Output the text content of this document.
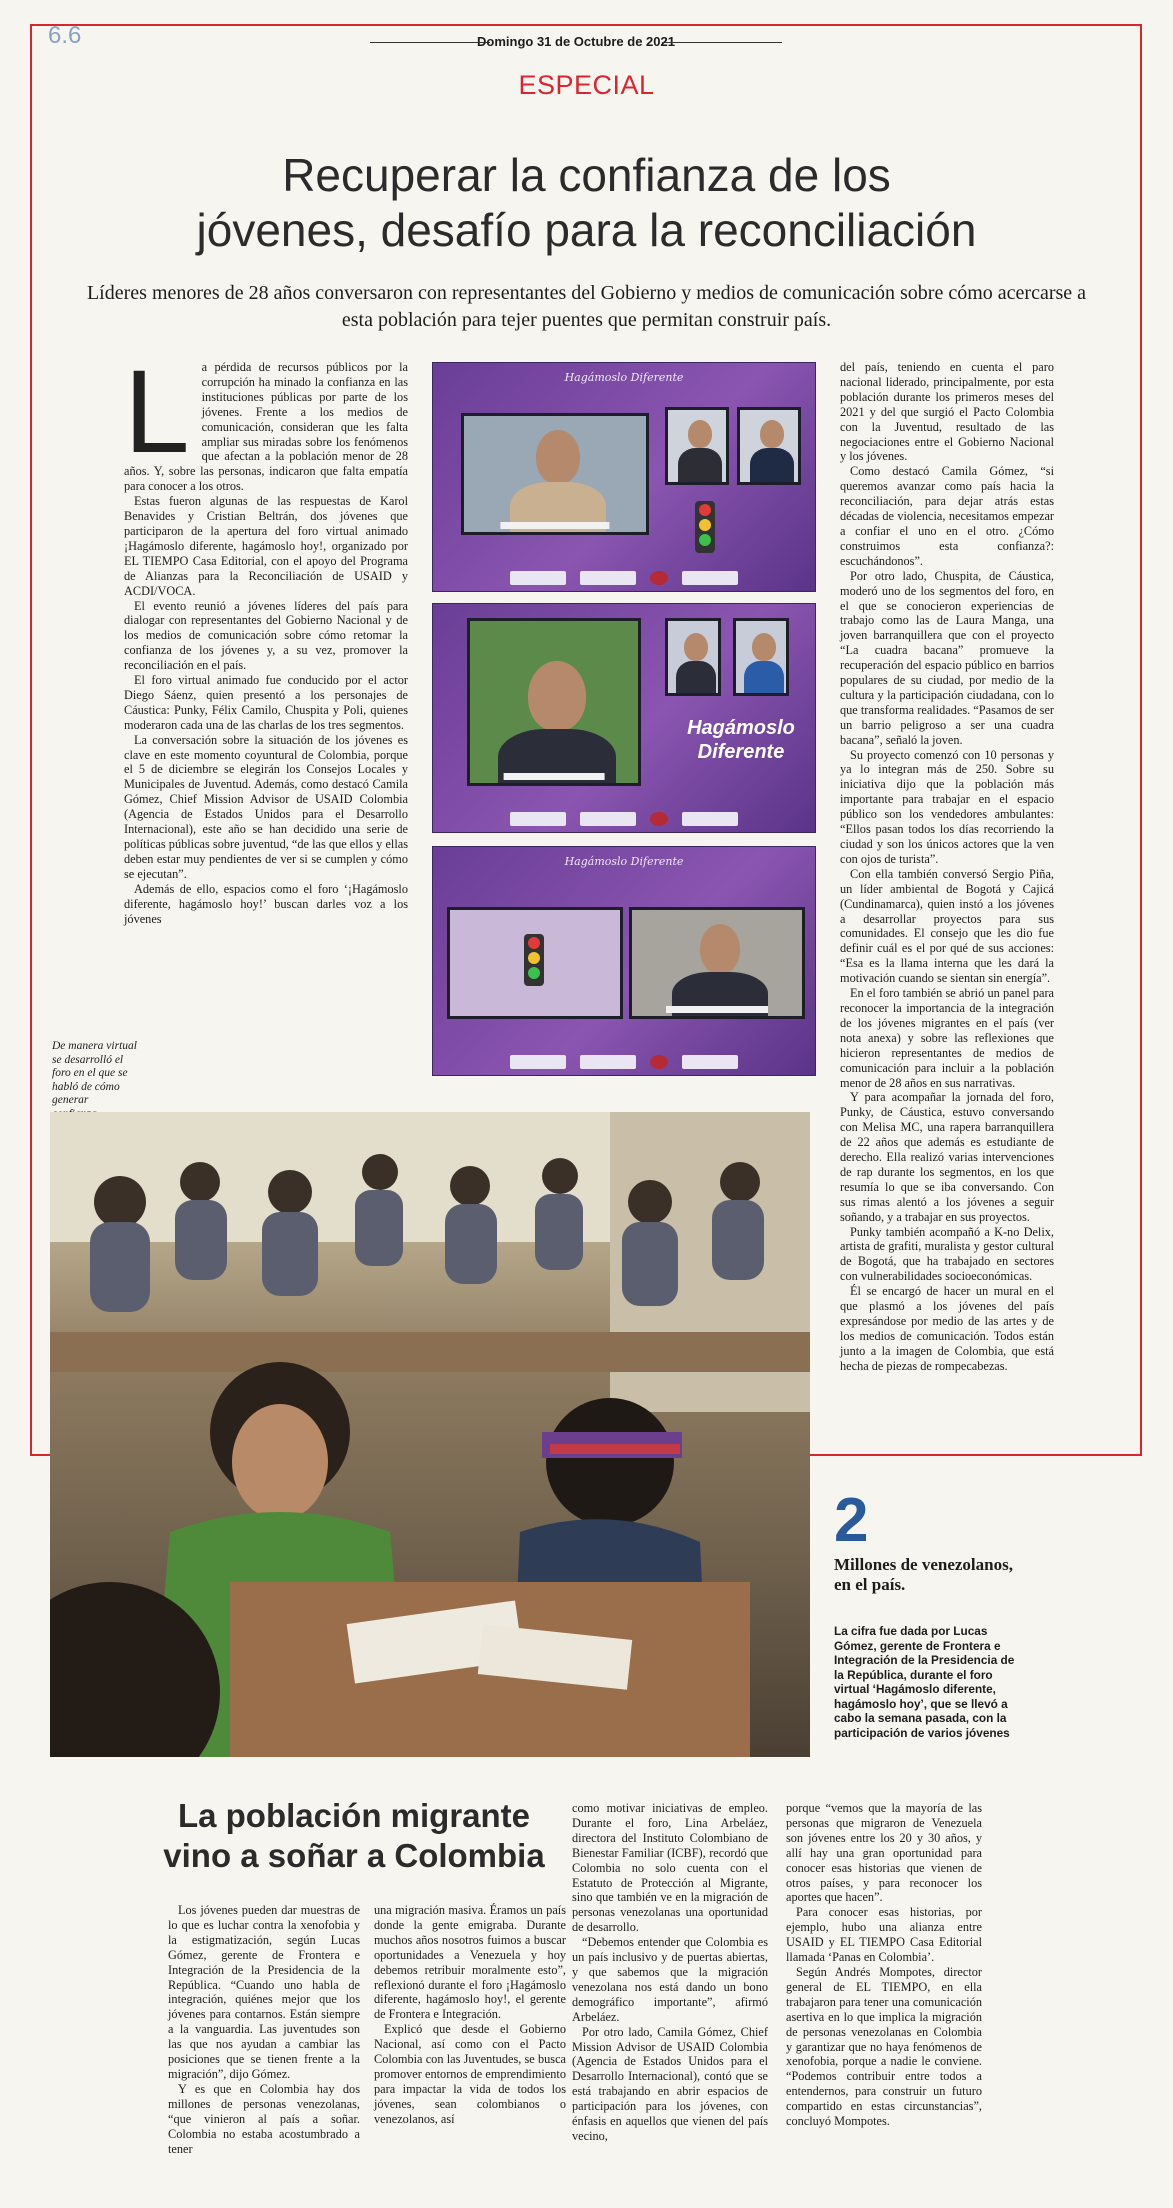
6.6	Domingo 31 de Octubre de 2021
ESPECIAL
Recuperar la confianza de los
jóvenes, desafío para la reconciliación

Líderes menores de 28 años conversaron con representantes del Gobierno y medios de comunicación sobre cómo acercarse a esta población para tejer puentes que permitan construir país.

L a pérdida de recursos públicos por la corrupción ha minado la confianza en las instituciones públicas por parte de los jóvenes. Frente a los medios de comunicación, consideran que les falta ampliar sus miradas sobre los fenómenos que afectan a la población menor de 28 años. Y, sobre las personas, indicaron que falta empatía para conocer a los otros.

Estas fueron algunas de las respuestas de Karol Benavides y Cristian Beltrán, dos jóvenes que participaron de la apertura del foro virtual animado ¡Hagámoslo diferente, hagámoslo hoy!, organizado por EL TIEMPO Casa Editorial, con el apoyo del Programa de Alianzas para la Reconciliación de USAID y ACDI/VOCA.

El evento reunió a jóvenes líderes del país para dialogar con representantes del Gobierno Nacional y de los medios de comunicación sobre cómo retomar la confianza de los jóvenes y, a su vez, promover la reconciliación en el país.

El foro virtual animado fue conducido por el actor Diego Sáenz, quien presentó a los personajes de Cáustica: Punky, Félix Camilo, Chuspita y Poli, quienes moderaron cada una de las charlas de los tres segmentos.

La conversación sobre la situación de los jóvenes es clave en este momento coyuntural de Colombia, porque el 5 de diciembre se elegirán los Consejos Locales y Municipales de Juventud. Además, como destacó Camila Gómez, Chief Mission Advisor de USAID Colombia (Agencia de Estados Unidos para el Desarrollo Internacional), este año se han decidido una serie de políticas públicas sobre juventud, “de las que ellos y ellas deben estar muy pendientes de ver si se cumplen y cómo se ejecutan”.

Además de ello, espacios como el foro ‘¡Hagámoslo diferente, hagámoslo hoy!’ buscan darles voz a los jóvenes

De manera virtual se desarrolló el foro en el que se habló de cómo generar
Hagámoslo Diferente
Hagámoslo Diferente
Hagámoslo Diferente

del país, teniendo en cuenta el paro nacional liderado, principalmente, por esta población durante los primeros meses del 2021 y del que surgió el Pacto Colombia con la Juventud, resultado de las negociaciones entre el Gobierno Nacional y los jóvenes.

Como destacó Camila Gómez, “si queremos avanzar como país hacia la reconciliación, para dejar atrás estas décadas de violencia, necesitamos empezar a confiar el uno en el otro. ¿Cómo construimos esta confianza?: escuchándonos”.

Por otro lado, Chuspita, de Cáustica, moderó uno de los segmentos del foro, en el que se conocieron experiencias de trabajo como las de Laura Manga, una joven barranquillera que con el proyecto “La cuadra bacana” promueve la recuperación del espacio público en barrios populares de su ciudad, por medio de la cultura y la participación ciudadana, con lo que transforma realidades. “Pasamos de ser un barrio peligroso a ser una cuadra bacana”, señaló la joven.

Su proyecto comenzó con 10 personas y ya lo integran más de 250. Sobre su iniciativa dijo que la población más importante para trabajar en el espacio público son los vendedores ambulantes: “Ellos pasan todos los días recorriendo la ciudad y son los únicos actores que la ven con ojos de turista”.

Con ella también conversó Sergio Piña, un líder ambiental de Bogotá y Cajicá (Cundinamarca), quien instó a los jóvenes a desarrollar proyectos para sus comunidades. El consejo que les dio fue definir cuál es el por qué de sus acciones: “Esa es la llama interna que les dará la motivación cuando se sientan sin energía”.

En el foro también se abrió un panel para reconocer la importancia de la integración de los jóvenes migrantes en el país (ver nota anexa) y sobre las reflexiones que hicieron representantes de medios de comunicación para incluir a la población menor de 28 años en sus narrativas.

Y para acompañar la jornada del foro, Punky, de Cáustica, estuvo conversando con Melisa MC, una rapera barranquillera de 22 años que además es estudiante de derecho. Ella realizó varias intervenciones de rap durante los segmentos, en los que resumía lo que se iba conversando. Con sus rimas alentó a los jóvenes a seguir soñando, y a trabajar en sus proyectos.

Punky también acompañó a K-no Delix, artista de grafiti, muralista y gestor cultural de Bogotá, que ha trabajado en sectores con vulnerabilidades socioeconómicas.

Él se encargó de hacer un mural en el que plasmó a los jóvenes del país expresándose por medio de las artes y de los medios de comunicación. Todos están junto a la imagen de Colombia, que está hecha de piezas de rompecabezas.

2
Millones de venezolanos, en el país.
La cifra fue dada por Lucas Gómez, gerente de Frontera e Integración de la Presidencia de la República, durante el foro virtual ‘Hagámoslo diferente, hagámoslo hoy’, que se llevó a cabo la semana pasada, con la participación de varios jóvenes
La población migrante
vino a soñar a Colombia

Los jóvenes pueden dar muestras de lo que es luchar contra la xenofobia y la estigmatización, según Lucas Gómez, gerente de Frontera e Integración de la Presidencia de la República. “Cuando uno habla de integración, quiénes mejor que los jóvenes para contarnos. Están siempre a la vanguardia. Las juventudes son las que nos ayudan a cambiar las posiciones que se tienen frente a la migración”, dijo Gómez.

Y es que en Colombia hay dos millones de personas venezolanas, “que vinieron al país a soñar. Colombia no estaba acostumbrado a tener

una migración masiva. Éramos un país donde la gente emigraba. Durante muchos años nosotros fuimos a buscar oportunidades a Venezuela y hoy debemos retribuir moralmente esto”, reflexionó durante el foro ¡Hagámoslo diferente, hagámoslo hoy!, el gerente de Frontera e Integración.

Explicó que desde el Gobierno Nacional, así como con el Pacto Colombia con las Juventudes, se busca promover entornos de emprendimiento para impactar la vida de todos los jóvenes, sean colombianos o venezolanos, así

como motivar iniciativas de empleo. Durante el foro, Lina Arbeláez, directora del Instituto Colombiano de Bienestar Familiar (ICBF), recordó que Colombia no solo cuenta con el Estatuto de Protección al Migrante, sino que también ve en la migración de personas venezolanas una oportunidad de desarrollo.

“Debemos entender que Colombia es un país inclusivo y de puertas abiertas, y que sabemos que la migración venezolana nos está dando un bono demográfico importante”, afirmó Arbeláez.

Por otro lado, Camila Gómez, Chief Mission Advisor de USAID Colombia (Agencia de Estados Unidos para el Desarrollo Internacional), contó que se está trabajando en abrir espacios de participación para los jóvenes, con énfasis en aquellos que vienen del país vecino,

porque “vemos que la mayoría de las personas que migraron de Venezuela son jóvenes entre los 20 y 30 años, y allí hay una gran oportunidad para conocer esas historias que vienen de otros países, y para reconocer los aportes que hacen”.

Para conocer esas historias, por ejemplo, hubo una alianza entre USAID y EL TIEMPO Casa Editorial llamada ‘Panas en Colombia’.

Según Andrés Mompotes, director general de EL TIEMPO, en ella trabajaron para tener una comunicación asertiva en lo que implica la migración de personas venezolanas en Colombia y garantizar que no haya fenómenos de xenofobia, porque a nadie le conviene. “Podemos contribuir entre todos a entendernos, para construir un futuro compartido en estas circunstancias”, concluyó Mompotes.
